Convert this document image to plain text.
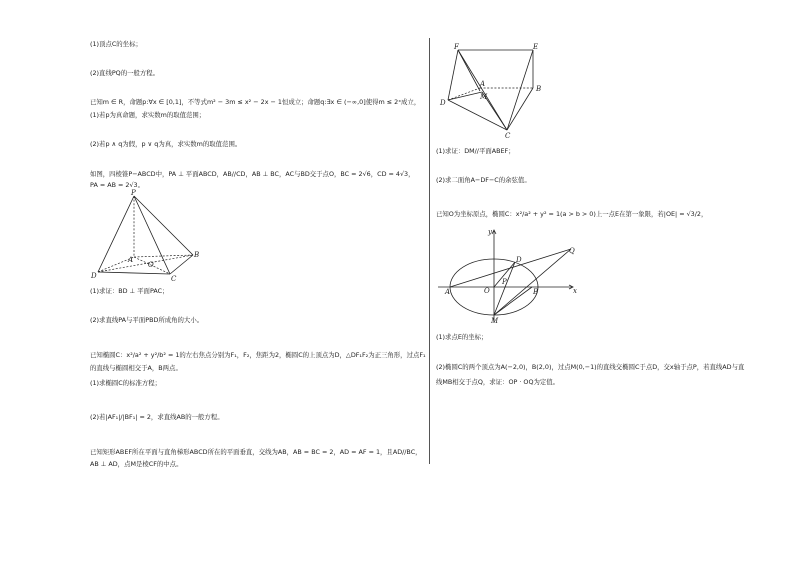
(1)顶点C的坐标；
(2)直线PQ的一般方程。
已知m ∈ R，命题p:∀x ∈ [0,1]，不等式m² − 3m ≤ x² − 2x − 1恒成立；命题q:∃x ∈ (−∞,0]使得m ≤ 2ˣ成立，
(1)若p为真命题，求实数m的取值范围；
(2)若p ∧ q为假，p ∨ q为真，求实数m的取值范围。
如图，四棱锥P−ABCD中，PA ⊥ 平面ABCD，AB//CD，AB ⊥ BC，AC与BD交于点O，BC = 2√6，CD = 4√3，
PA = AB = 2√3。
P
A
B
C
D
O
(1)求证：BD ⊥ 平面PAC；
(2)求直线PA与平面PBD所成角的大小。
已知椭圆C：x²/a² + y²/b² = 1的左右焦点分别为F₁，F₂，焦距为2，椭圆C的上顶点为D，△DF₁F₂为正三角形，过点F₁
的直线与椭圆相交于A，B两点。
(1)求椭圆C的标准方程；
(2)若|AF₁|/|BF₁| = 2，求直线AB的一般方程。
已知矩形ABEF所在平面与直角梯形ABCD所在的平面垂直，交线为AB，AB = BC = 2，AD = AF = 1，且AD//BC，
AB ⊥ AD，点M是棱CF的中点。
F	E
A
B
C
D
M
(1)求证：DM//平面ABEF；
(2)求二面角A−DF−C的余弦值。
已知O为坐标原点，椭圆C：x²/a² + y² = 1(a > b > 0)上一点E在第一象限，若|OE| = √3/2，
y
x
O
A	B
D
P
Q
M
(1)求点E的坐标；
(2)椭圆C的两个顶点为A(−2,0)，B(2,0)，过点M(0,−1)的直线交椭圆C于点D，交x轴于点P，若直线AD与直
线MB相交于点Q，求证：OP · OQ为定值。
